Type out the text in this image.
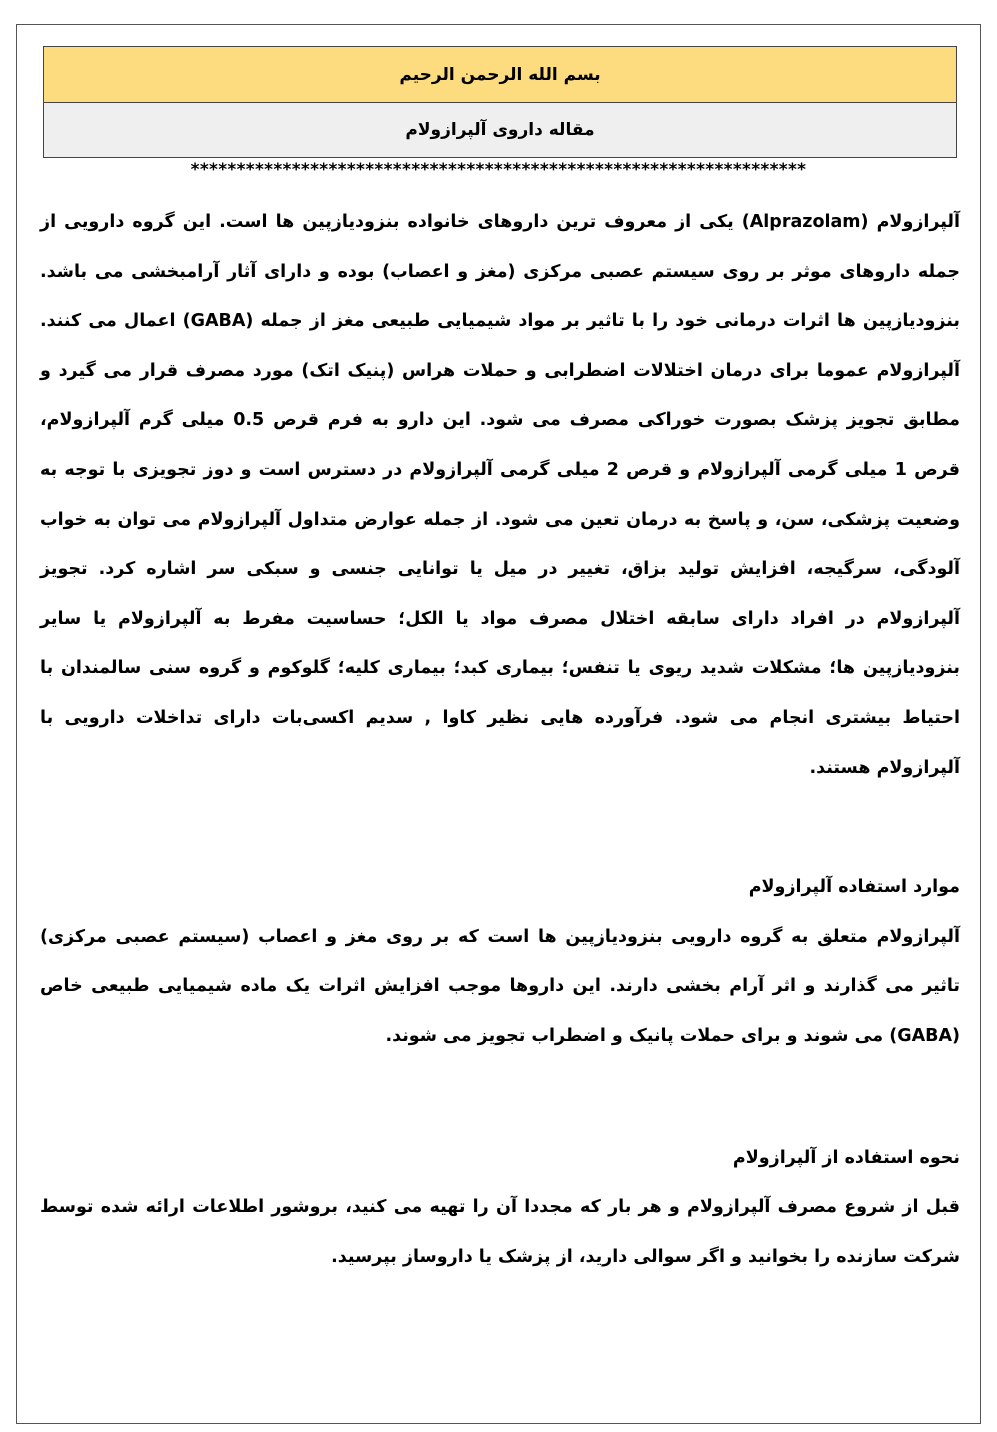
بسم الله الرحمن الرحیم
مقاله داروی آلپرازولام
*******************************************************************

آلپرازولام (Alprazolam) یکی از معروف ترین داروهای خانواده بنزودیازپین ها است. این گروه دارویی از جمله داروهای موثر بر روی سیستم عصبی مرکزی (مغز و اعصاب) بوده و دارای آثار آرامبخشی می باشد. بنزودیازپین ها اثرات درمانی خود را با تاثیر بر مواد شیمیایی طبیعی مغز از جمله (GABA) اعمال می کنند. آلپرازولام عموما برای درمان اختلالات اضطرابی و حملات هراس (پنیک اتک) مورد مصرف قرار می گیرد و مطابق تجویز پزشک بصورت خوراکی مصرف می شود. این دارو به فرم قرص 0.5 میلی گرم آلپرازولام، قرص 1 میلی گرمی آلپرازولام و قرص 2 میلی گرمی آلپرازولام در دسترس است و دوز تجویزی با توجه به وضعیت پزشکی، سن، و پاسخ به درمان تعین می شود. از جمله عوارض متداول آلپرازولام می توان به خواب آلودگی، سرگیجه، افزایش تولید بزاق، تغییر در میل یا توانایی جنسی و سبکی سر اشاره کرد. تجویز آلپرازولام در افراد دارای سابقه اختلال مصرف مواد یا الکل؛ حساسیت مفرط به آلپرازولام یا سایر بنزودیازپین ها؛ مشکلات شدید ریوی یا تنفس؛ بیماری کبد؛ بیماری کلیه؛ گلوکوم و گروه سنی سالمندان با احتیاط بیشتری انجام می شود. فرآورده هایی نظیر کاوا , سدیم اکسی‌بات دارای تداخلات دارویی با آلپرازولام هستند.

موارد استفاده آلپرازولام

آلپرازولام متعلق به گروه دارویی بنزودیازپین ها است که بر روی مغز و اعصاب (سیستم عصبی مرکزی) تاثیر می گذارند و اثر آرام بخشی دارند. این داروها موجب افزایش اثرات یک ماده شیمیایی طبیعی خاص (GABA) می شوند و برای حملات پانیک و اضطراب تجویز می شوند.

نحوه استفاده از آلپرازولام

قبل از شروع مصرف آلپرازولام و هر بار که مجددا آن را تهیه می کنید، بروشور اطلاعات ارائه شده توسط شرکت سازنده را بخوانید و اگر سوالی دارید، از پزشک یا داروساز بپرسید.
